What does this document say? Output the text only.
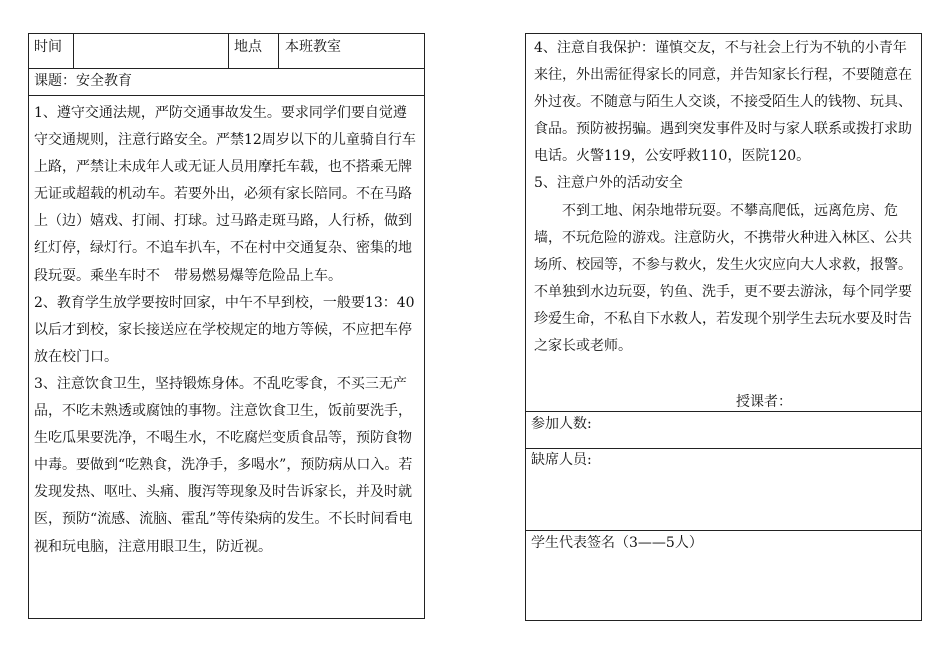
时间	地点 本班教室
课题：安全教育
1、遵守交通法规，严防交通事故发生。要求同学们要自觉遵守交通规则，注意行路安全。严禁12周岁以下的儿童骑自行车上路，严禁让未成年人或无证人员用摩托车载，也不搭乘无牌无证或超载的机动车。若要外出，必须有家长陪同。不在马路上（边）嬉戏、打闹、打球。过马路走斑马路，人行桥，做到红灯停，绿灯行。不追车扒车，不在村中交通复杂、密集的地段玩耍。乘坐车时不　带易燃易爆等危险品上车。
2、教育学生放学要按时回家，中午不早到校，一般要13：40以后才到校，家长接送应在学校规定的地方等候，不应把车停放在校门口。
3、注意饮食卫生，坚持锻炼身体。不乱吃零食，不买三无产品，不吃未熟透或腐蚀的事物。注意饮食卫生，饭前要洗手，生吃瓜果要洗净，不喝生水，不吃腐烂变质食品等，预防食物中毒。要做到“吃熟食，洗净手，多喝水”，预防病从口入。若发现发热、呕吐、头痛、腹泻等现象及时告诉家长，并及时就医，预防“流感、流脑、霍乱”等传染病的发生。不长时间看电视和玩电脑，注意用眼卫生，防近视。
4、注意自我保护：谨慎交友，不与社会上行为不轨的小青年来往，外出需征得家长的同意，并告知家长行程，不要随意在外过夜。不随意与陌生人交谈，不接受陌生人的钱物、玩具、食品。预防被拐骗。遇到突发事件及时与家人联系或拨打求助电话。火警119，公安呼救110，医院120。
5、注意户外的活动安全
　　不到工地、闲杂地带玩耍。不攀高爬低，远离危房、危墙，不玩危险的游戏。注意防火，不携带火种进入林区、公共场所、校园等，不参与救火，发生火灾应向大人求救，报警。不单独到水边玩耍，钓鱼、洗手，更不要去游泳，每个同学要珍爱生命，不私自下水救人，若发现个别学生去玩水要及时告之家长或老师。
授课者：
参加人数:
缺席人员:
学生代表签名（3——5人）
